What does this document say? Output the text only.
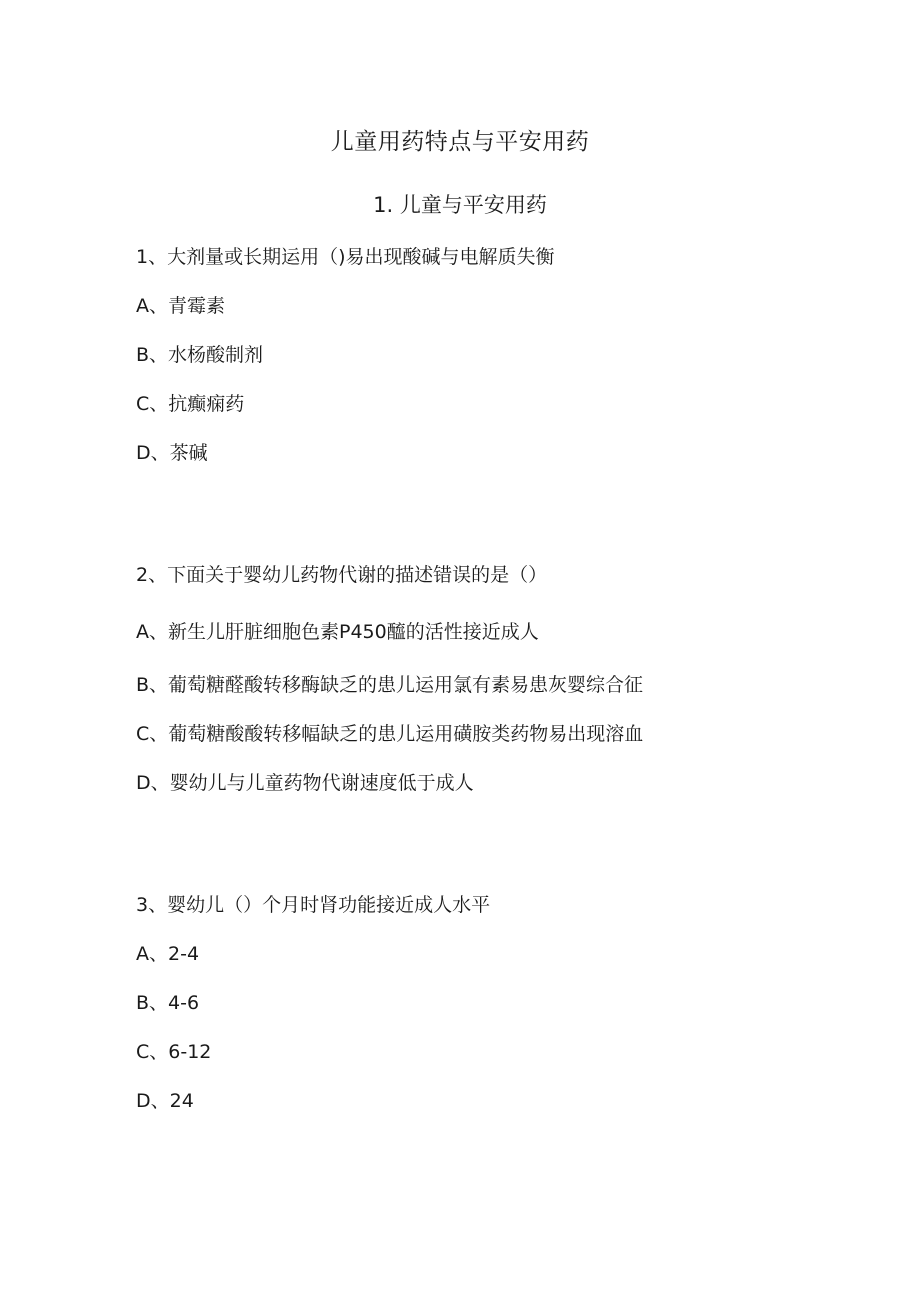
儿童用药特点与平安用药
1. 儿童与平安用药
1、大剂量或长期运用（)易出现酸碱与电解质失衡
A、青霉素
B、水杨酸制剂
C、抗癫痫药
D、茶碱
2、下面关于婴幼儿药物代谢的描述错误的是（）
A、新生儿肝脏细胞色素P450醯的活性接近成人
B、葡萄糖醛酸转移酶缺乏的患儿运用氯有素易患灰婴综合征
C、葡萄糖酸酸转移幅缺乏的患儿运用磺胺类药物易出现溶血
D、婴幼儿与儿童药物代谢速度低于成人
3、婴幼儿（）个月时肾功能接近成人水平
A、2-4
B、4-6
C、6-12
D、24
